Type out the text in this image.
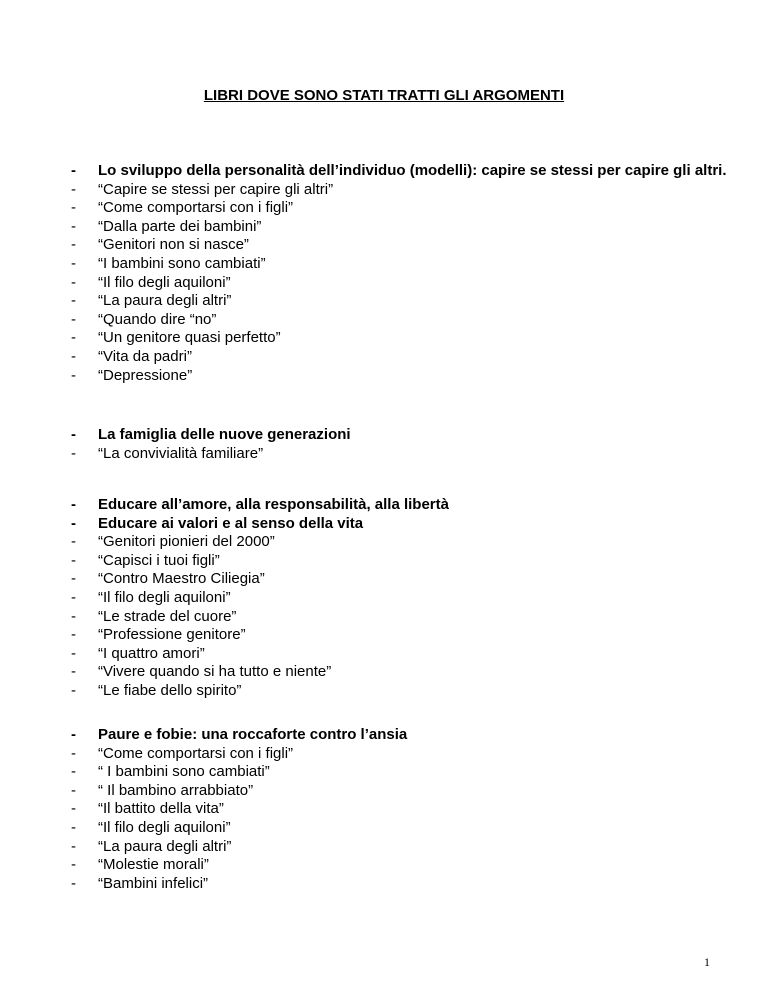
LIBRI DOVE SONO STATI TRATTI GLI ARGOMENTI
- Lo sviluppo della personalità dell’individuo (modelli): capire se stessi per capire gli altri.
- “Capire se stessi per capire gli altri”
- “Come comportarsi con i figli”
- “Dalla parte dei bambini”
- “Genitori non si nasce”
- “I bambini sono cambiati”
- “Il filo degli aquiloni”
- “La paura degli altri”
- “Quando dire “no”
- “Un genitore quasi perfetto”
- “Vita da padri”
- “Depressione”
- La famiglia delle nuove generazioni
- “La convivialità familiare”
- Educare all’amore, alla responsabilità, alla libertà
- Educare ai valori e al senso della vita
- “Genitori pionieri del 2000”
- “Capisci i tuoi figli”
- “Contro Maestro Ciliegia”
- “Il filo degli aquiloni”
- “Le strade del cuore”
- “Professione genitore”
- “I quattro amori”
- “Vivere quando si ha tutto e niente”
- “Le fiabe dello spirito”
- Paure e fobie: una roccaforte contro l’ansia
- “Come comportarsi con i figli”
- “ I bambini sono cambiati”
- “ Il bambino arrabbiato”
- “Il battito della vita”
- “Il filo degli aquiloni”
- “La paura degli altri”
- “Molestie morali”
- “Bambini infelici”
1
